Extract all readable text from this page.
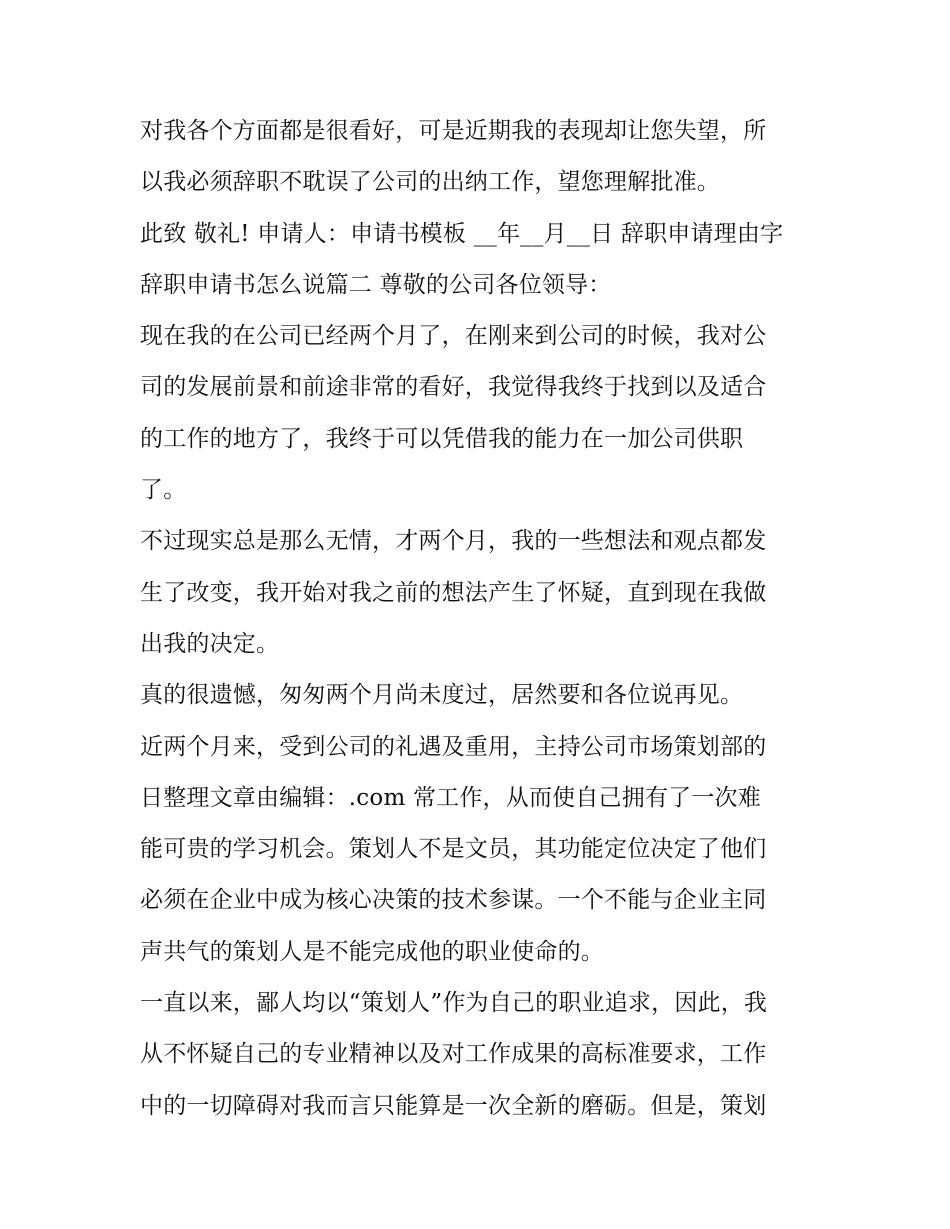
对我各个方面都是很看好，可是近期我的表现却让您失望，所
以我必须辞职不耽误了公司的出纳工作，望您理解批准。
此致 敬礼! 申请人：申请书模板 __年__月__日 辞职申请理由字
辞职申请书怎么说篇二 尊敬的公司各位领导：
现在我的在公司已经两个月了，在刚来到公司的时候，我对公
司的发展前景和前途非常的看好，我觉得我终于找到以及适合
的工作的地方了，我终于可以凭借我的能力在一加公司供职
了。
不过现实总是那么无情，才两个月，我的一些想法和观点都发
生了改变，我开始对我之前的想法产生了怀疑，直到现在我做
出我的决定。
真的很遗憾，匆匆两个月尚未度过，居然要和各位说再见。
近两个月来，受到公司的礼遇及重用，主持公司市场策划部的
日整理文章由编辑：.com 常工作，从而使自己拥有了一次难
能可贵的学习机会。策划人不是文员，其功能定位决定了他们
必须在企业中成为核心决策的技术参谋。一个不能与企业主同
声共气的策划人是不能完成他的职业使命的。
一直以来，鄙人均以“策划人”作为自己的职业追求，因此，我
从不怀疑自己的专业精神以及对工作成果的高标准要求，工作
中的一切障碍对我而言只能算是一次全新的磨砺。但是，策划
